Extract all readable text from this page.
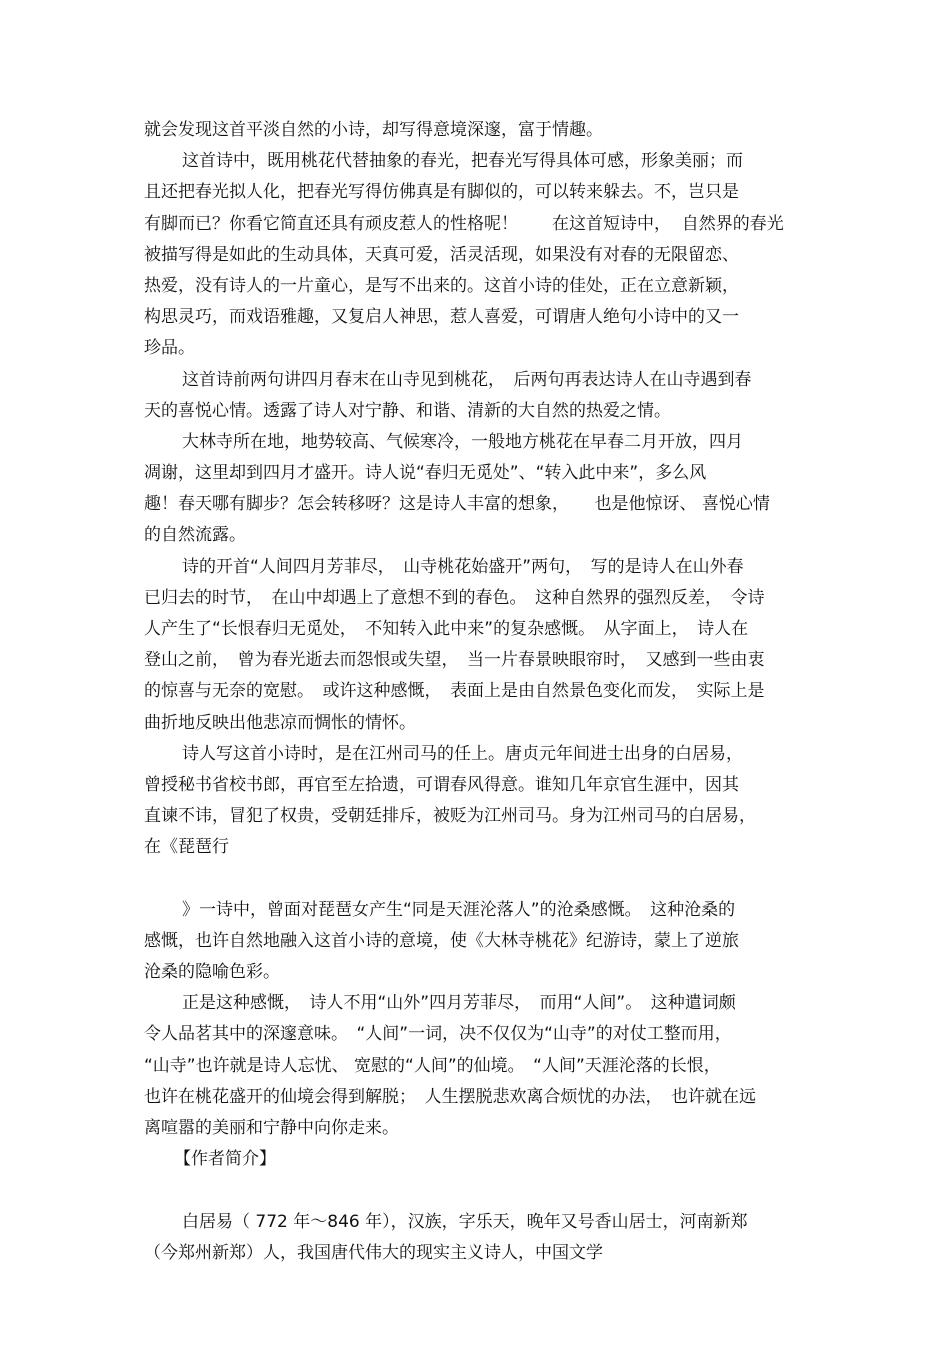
就会发现这首平淡自然的小诗，却写得意境深邃，富于情趣。
这首诗中，既用桃花代替抽象的春光，把春光写得具体可感，形象美丽；而
且还把春光拟人化，把春光写得仿佛真是有脚似的，可以转来躲去。不，岂只是
有脚而已？你看它简直还具有顽皮惹人的性格呢！　　在这首短诗中，  自然界的春光
被描写得是如此的生动具体，天真可爱，活灵活现，如果没有对春的无限留恋、
热爱，没有诗人的一片童心，是写不出来的。这首小诗的佳处，正在立意新颖，
构思灵巧，而戏语雅趣，又复启人神思，惹人喜爱，可谓唐人绝句小诗中的又一
珍品。
这首诗前两句讲四月春末在山寺见到桃花，　后两句再表达诗人在山寺遇到春
天的喜悦心情。透露了诗人对宁静、和谐、清新的大自然的热爱之情。
大林寺所在地，地势较高、气候寒冷，一般地方桃花在早春二月开放，四月
凋谢，这里却到四月才盛开。诗人说“春归无觅处”、“转入此中来”，多么风
趣！春天哪有脚步？怎会转移呀？这是诗人丰富的想象，　　也是他惊讶、 喜悦心情
的自然流露。
诗的开首“人间四月芳菲尽，　山寺桃花始盛开”两句，　写的是诗人在山外春
已归去的时节，　在山中却遇上了意想不到的春色。　这种自然界的强烈反差，　令诗
人产生了“长恨春归无觅处，　不知转入此中来”的复杂感慨。　从字面上，　诗人在
登山之前，　曾为春光逝去而怨恨或失望，　当一片春景映眼帘时，　又感到一些由衷
的惊喜与无奈的宽慰。　或许这种感慨，　表面上是由自然景色变化而发，　实际上是
曲折地反映出他悲凉而惆怅的情怀。
诗人写这首小诗时，是在江州司马的任上。唐贞元年间进士出身的白居易，
曾授秘书省校书郎，再官至左拾遗，可谓春风得意。谁知几年京官生涯中，因其
直谏不讳，冒犯了权贵，受朝廷排斥，被贬为江州司马。身为江州司马的白居易，
在《琵琶行
》一诗中，曾面对琵琶女产生“同是天涯沦落人”的沧桑感慨。　这种沧桑的
感慨，也许自然地融入这首小诗的意境，使《大林寺桃花》纪游诗，蒙上了逆旅
沧桑的隐喻色彩。
正是这种感慨，　诗人不用“山外”四月芳菲尽，　而用“人间”。　这种遣词颇
令人品茗其中的深邃意味。　“人间”一词，决不仅仅为“山寺”的对仗工整而用，
“山寺”也许就是诗人忘忧、 宽慰的“人间”的仙境。　“人间”天涯沦落的长恨，
也许在桃花盛开的仙境会得到解脱；　人生摆脱悲欢离合烦忧的办法，　也许就在远
离喧嚣的美丽和宁静中向你走来。
【作者简介】
白居易（ 772 年～846 年），汉族，字乐天，晚年又号香山居士，河南新郑
（今郑州新郑）人，我国唐代伟大的现实主义诗人，中国文学
